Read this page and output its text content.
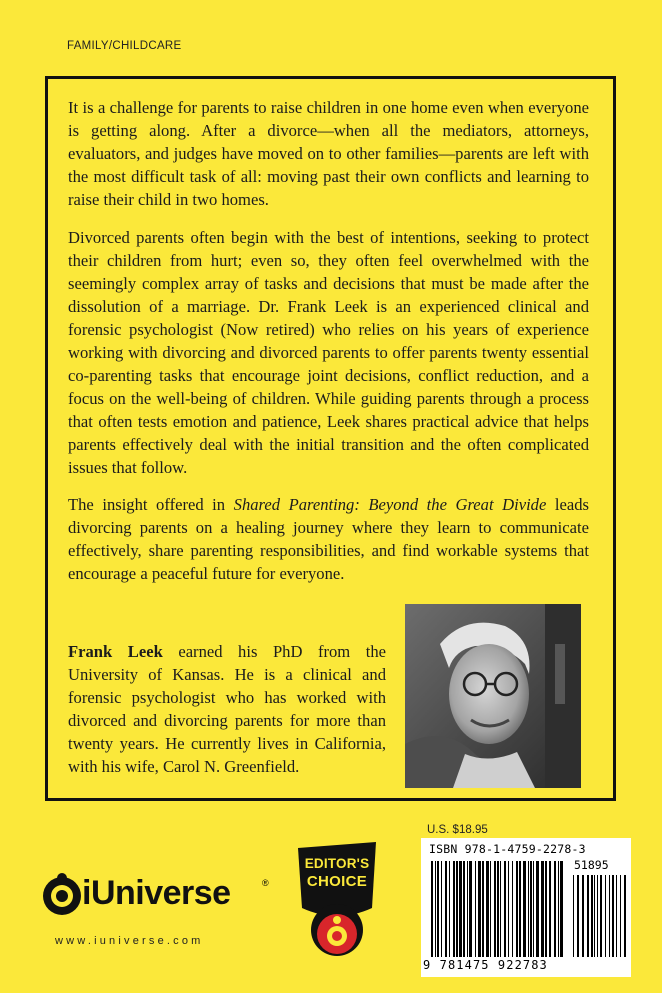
FAMILY/CHILDCARE

It is a challenge for parents to raise children in one home even when everyone is getting along. After a divorce—when all the mediators, attorneys, evaluators, and judges have moved on to other families—parents are left with the most difficult task of all: moving past their own conflicts and learning to raise their child in two homes.

Divorced parents often begin with the best of intentions, seeking to protect their children from hurt; even so, they often feel overwhelmed with the seemingly complex array of tasks and decisions that must be made after the dissolution of a marriage. Dr. Frank Leek is an experienced clinical and forensic psychologist (Now retired) who relies on his years of experience working with divorcing and divorced parents to offer parents twenty essential co-parenting tasks that encourage joint decisions, conflict reduction, and a focus on the well-being of children. While guiding parents through a process that often tests emotion and patience, Leek shares practical advice that helps parents effectively deal with the initial transition and the often complicated issues that follow.

The insight offered in Shared Parenting: Beyond the Great Divide leads divorcing parents on a healing journey where they learn to communicate effectively, share parenting responsibilities, and find workable systems that encourage a peaceful future for everyone.

Frank Leek earned his PhD from the University of Kansas. He is a clinical and forensic psychologist who has worked with divorced and divorcing parents for more than twenty years. He currently lives in California, with his wife, Carol N. Greenfield.
iUniverse	®
www.iuniverse.com
EDITOR'S
CHOICE
U.S. $18.95
ISBN 978-1-4759-2278-3
51895
9 781475 922783
